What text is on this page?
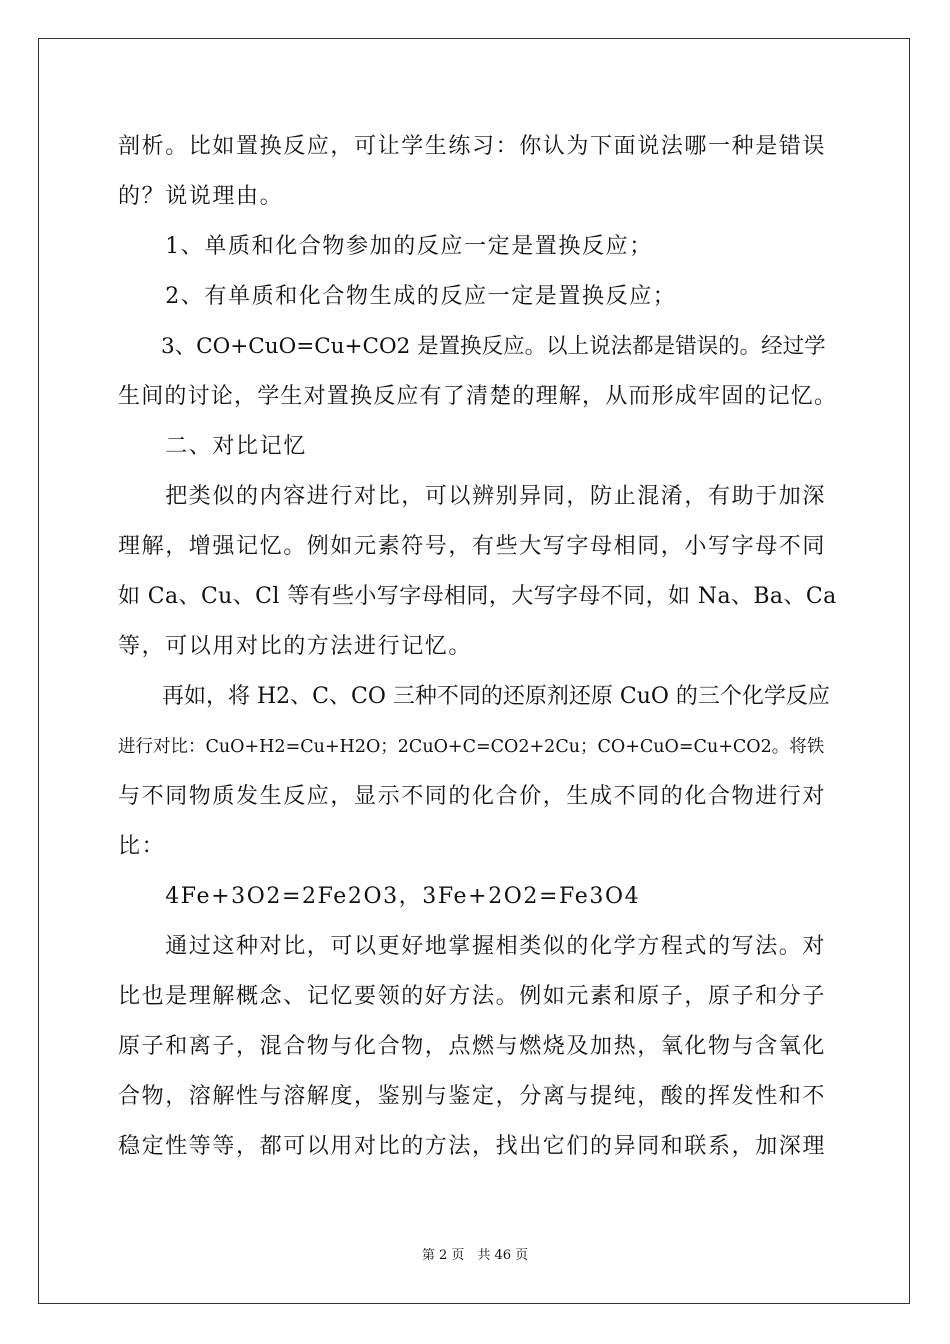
剖析。比如置换反应，可让学生练习：你认为下面说法哪一种是错误
的？说说理由。
　　1、单质和化合物参加的反应一定是置换反应；
　　2、有单质和化合物生成的反应一定是置换反应；
　　3、CO+CuO=Cu+CO2 是置换反应。以上说法都是错误的。经过学
生间的讨论，学生对置换反应有了清楚的理解，从而形成牢固的记忆。
　　二、对比记忆
　　把类似的内容进行对比，可以辨别异同，防止混淆，有助于加深
理解，增强记忆。例如元素符号，有些大写字母相同，小写字母不同
如 Ca、Cu、Cl 等有些小写字母相同，大写字母不同，如 Na、Ba、Ca
等，可以用对比的方法进行记忆。
　　再如，将 H2、C、CO 三种不同的还原剂还原 CuO 的三个化学反应
进行对比：CuO+H2=Cu+H2O；2CuO+C=CO2+2Cu；CO+CuO=Cu+CO2。将铁
与不同物质发生反应，显示不同的化合价，生成不同的化合物进行对
比：
　　4Fe+3O2=2Fe2O3，3Fe+2O2=Fe3O4
　　通过这种对比，可以更好地掌握相类似的化学方程式的写法。对
比也是理解概念、记忆要领的好方法。例如元素和原子，原子和分子
原子和离子，混合物与化合物，点燃与燃烧及加热，氧化物与含氧化
合物，溶解性与溶解度，鉴别与鉴定，分离与提纯，酸的挥发性和不
稳定性等等，都可以用对比的方法，找出它们的异同和联系，加深理
第 2 页　共 46 页
